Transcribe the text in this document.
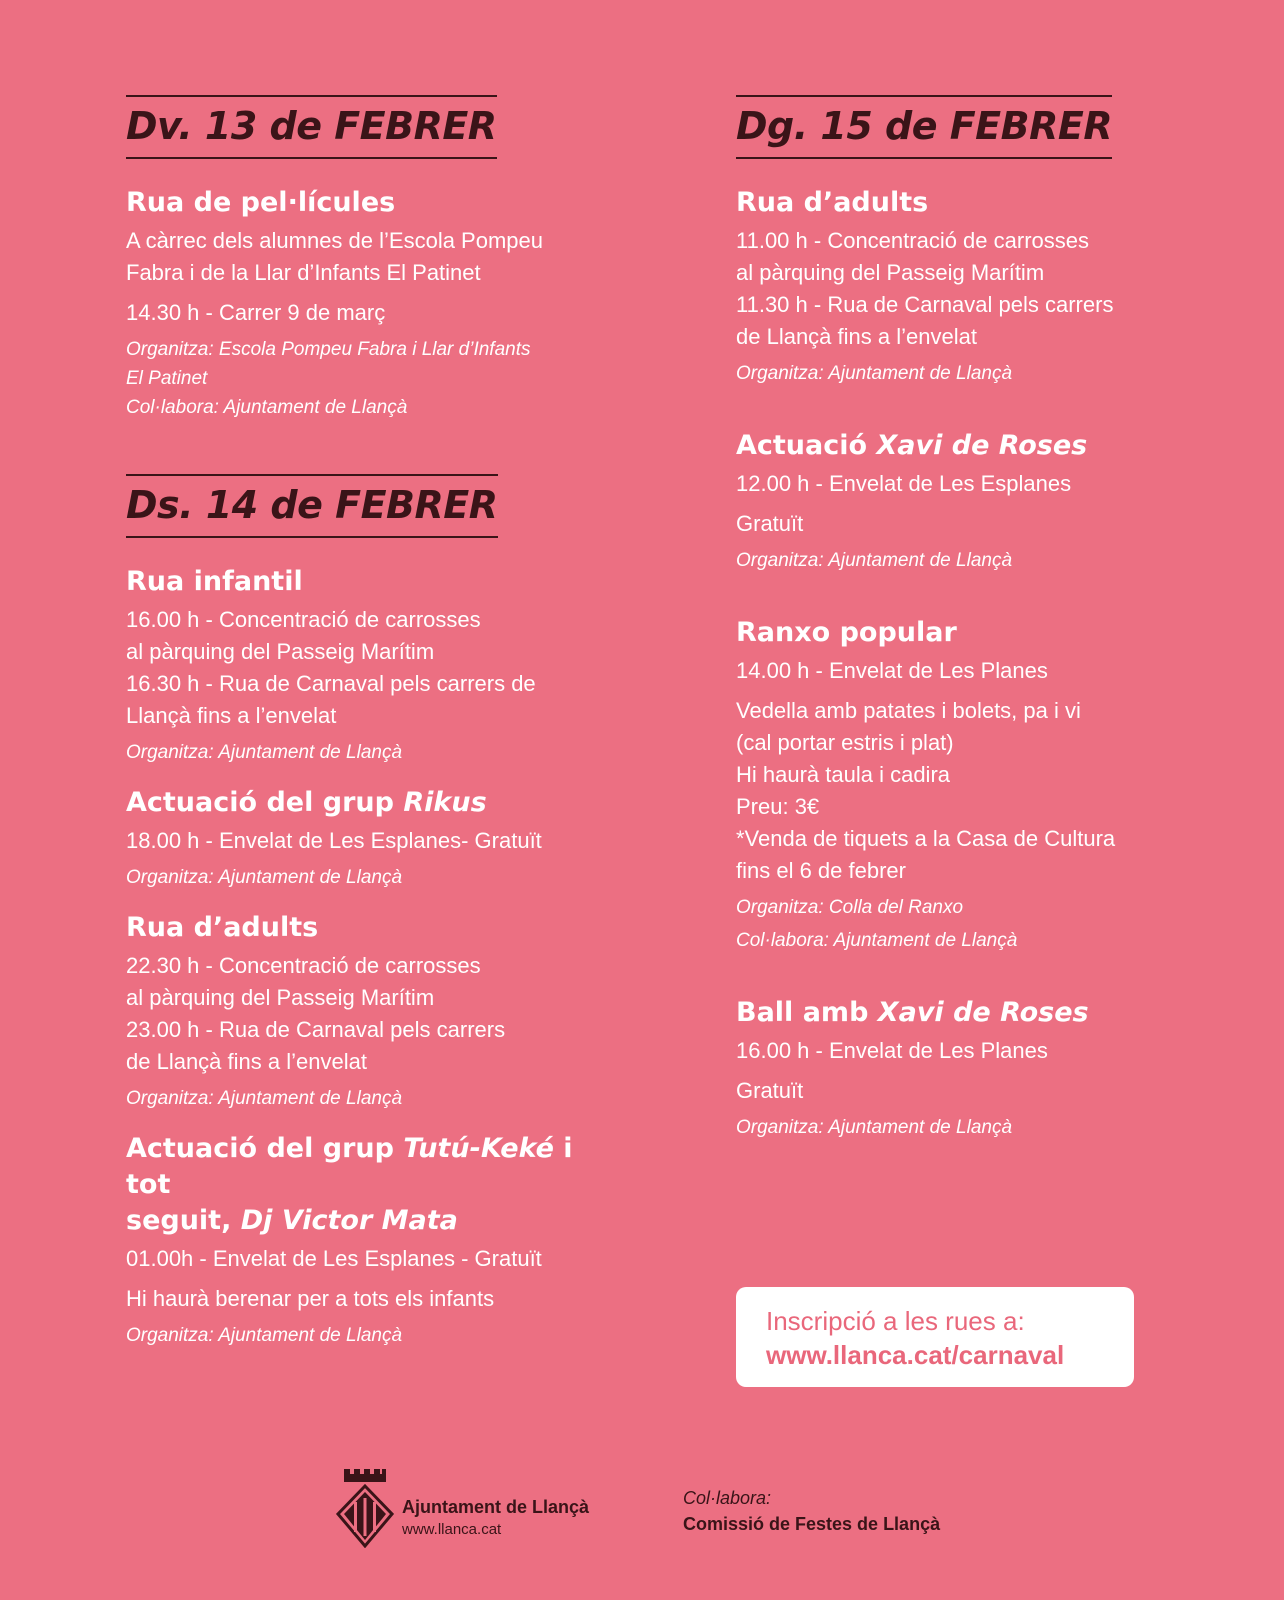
Dv. 13 de FEBRER

Rua de pel·lícules

A càrrec dels alumnes de l’Escola Pompeu

Fabra i de la Llar d’Infants El Patinet

14.30 h - Carrer 9 de març

Organitza: Escola Pompeu Fabra i Llar d’Infants

El Patinet

Col·labora: Ajuntament de Llançà

Ds. 14 de FEBRER

Rua infantil

16.00 h - Concentració de carrosses

al pàrquing del Passeig Marítim

16.30 h - Rua de Carnaval pels carrers de

Llançà fins a l’envelat

Organitza: Ajuntament de Llançà

Actuació del grup Rikus

18.00 h - Envelat de Les Esplanes- Gratuït

Organitza: Ajuntament de Llançà

Rua d’adults

22.30 h - Concentració de carrosses

al pàrquing del Passeig Marítim

23.00 h - Rua de Carnaval pels carrers

de Llançà fins a l’envelat

Organitza: Ajuntament de Llançà

Actuació del grup Tutú-Keké i tot

seguit, Dj Victor Mata

01.00h - Envelat de Les Esplanes - Gratuït

Hi haurà berenar per a tots els infants

Organitza: Ajuntament de Llançà

Dg. 15 de FEBRER

Rua d’adults

11.00 h - Concentració de carrosses

al pàrquing del Passeig Marítim

11.30 h - Rua de Carnaval pels carrers

de Llançà fins a l’envelat

Organitza: Ajuntament de Llançà

Actuació Xavi de Roses

12.00 h - Envelat de Les Esplanes

Gratuït

Organitza: Ajuntament de Llançà

Ranxo popular

14.00 h - Envelat de Les Planes

Vedella amb patates i bolets, pa i vi

(cal portar estris i plat)

Hi haurà taula i cadira

Preu: 3€

*Venda de tiquets a la Casa de Cultura

fins el 6 de febrer

Organitza: Colla del Ranxo

Col·labora: Ajuntament de Llançà

Ball amb Xavi de Roses

16.00 h - Envelat de Les Planes

Gratuït

Organitza: Ajuntament de Llançà

Inscripció a les rues a:
www.llanca.cat/carnaval
Ajuntament de Llançà
www.llanca.cat
Col·labora:
Comissió de Festes de Llançà
